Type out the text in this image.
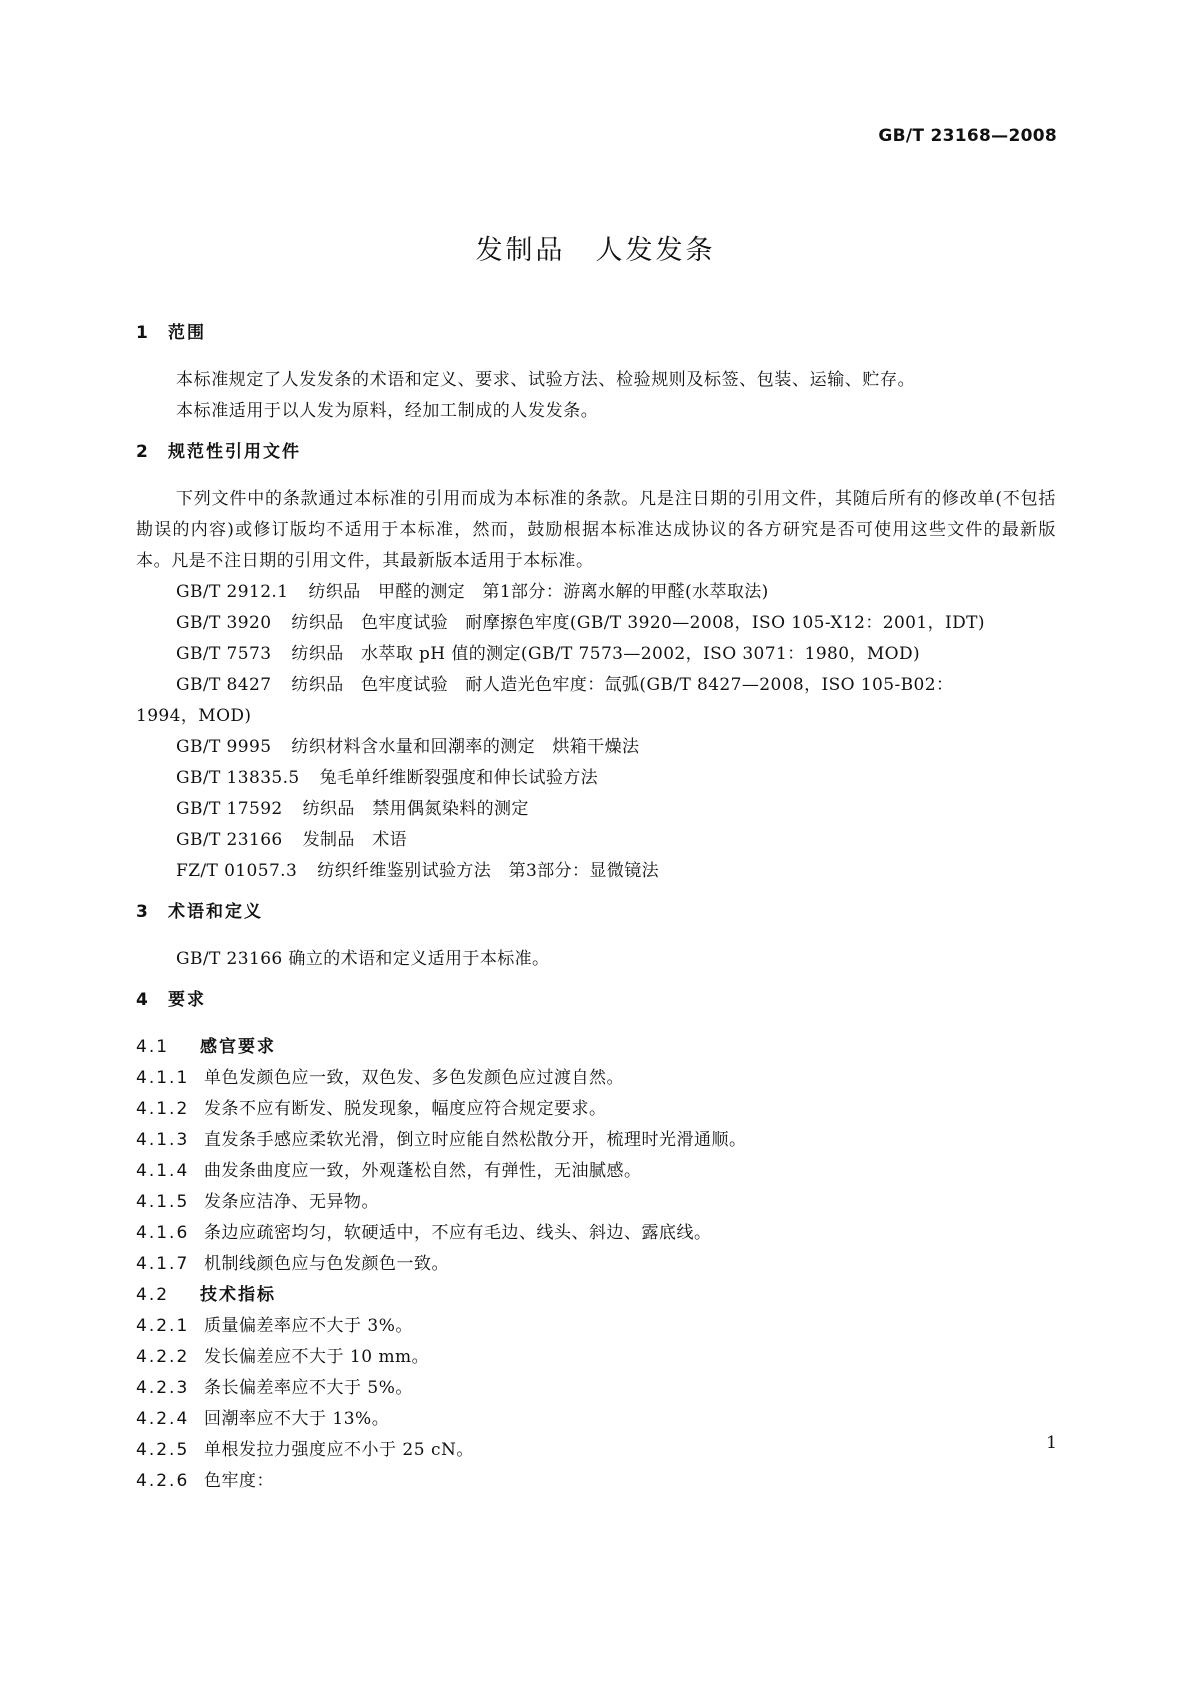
GB/T 23168—2008
发制品　人发发条
1 范围

本标准规定了人发发条的术语和定义、要求、试验方法、检验规则及标签、包装、运输、贮存。

本标准适用于以人发为原料，经加工制成的人发发条。

2 规范性引用文件

下列文件中的条款通过本标准的引用而成为本标准的条款。凡是注日期的引用文件，其随后所有的修改单(不包括勘误的内容)或修订版均不适用于本标准，然而，鼓励根据本标准达成协议的各方研究是否可使用这些文件的最新版本。凡是不注日期的引用文件，其最新版本适用于本标准。

GB/T 2912.1 纺织品　甲醛的测定　第1部分：游离水解的甲醛(水萃取法)
GB/T 3920 纺织品　色牢度试验　耐摩擦色牢度(GB/T 3920—2008，ISO 105-X12：2001，IDT)
GB/T 7573 纺织品　水萃取 pH 值的测定(GB/T 7573—2002，ISO 3071：1980，MOD)
GB/T 8427 纺织品　色牢度试验　耐人造光色牢度：氙弧(GB/T 8427—2008，ISO 105-B02：
1994，MOD)
GB/T 9995 纺织材料含水量和回潮率的测定　烘箱干燥法
GB/T 13835.5 兔毛单纤维断裂强度和伸长试验方法
GB/T 17592 纺织品　禁用偶氮染料的测定
GB/T 23166 发制品　术语
FZ/T 01057.3 纺织纤维鉴别试验方法　第3部分：显微镜法
3 术语和定义

GB/T 23166 确立的术语和定义适用于本标准。

4 要求
4.1 感官要求
4.1.1 单色发颜色应一致，双色发、多色发颜色应过渡自然。
4.1.2 发条不应有断发、脱发现象，幅度应符合规定要求。
4.1.3 直发条手感应柔软光滑，倒立时应能自然松散分开，梳理时光滑通顺。
4.1.4 曲发条曲度应一致，外观蓬松自然，有弹性，无油腻感。
4.1.5 发条应洁净、无异物。
4.1.6 条边应疏密均匀，软硬适中，不应有毛边、线头、斜边、露底线。
4.1.7 机制线颜色应与色发颜色一致。
4.2 技术指标
4.2.1 质量偏差率应不大于 3%。
4.2.2 发长偏差应不大于 10 mm。
4.2.3 条长偏差率应不大于 5%。
4.2.4 回潮率应不大于 13%。
4.2.5 单根发拉力强度应不小于 25 cN。
4.2.6 色牢度：
1
